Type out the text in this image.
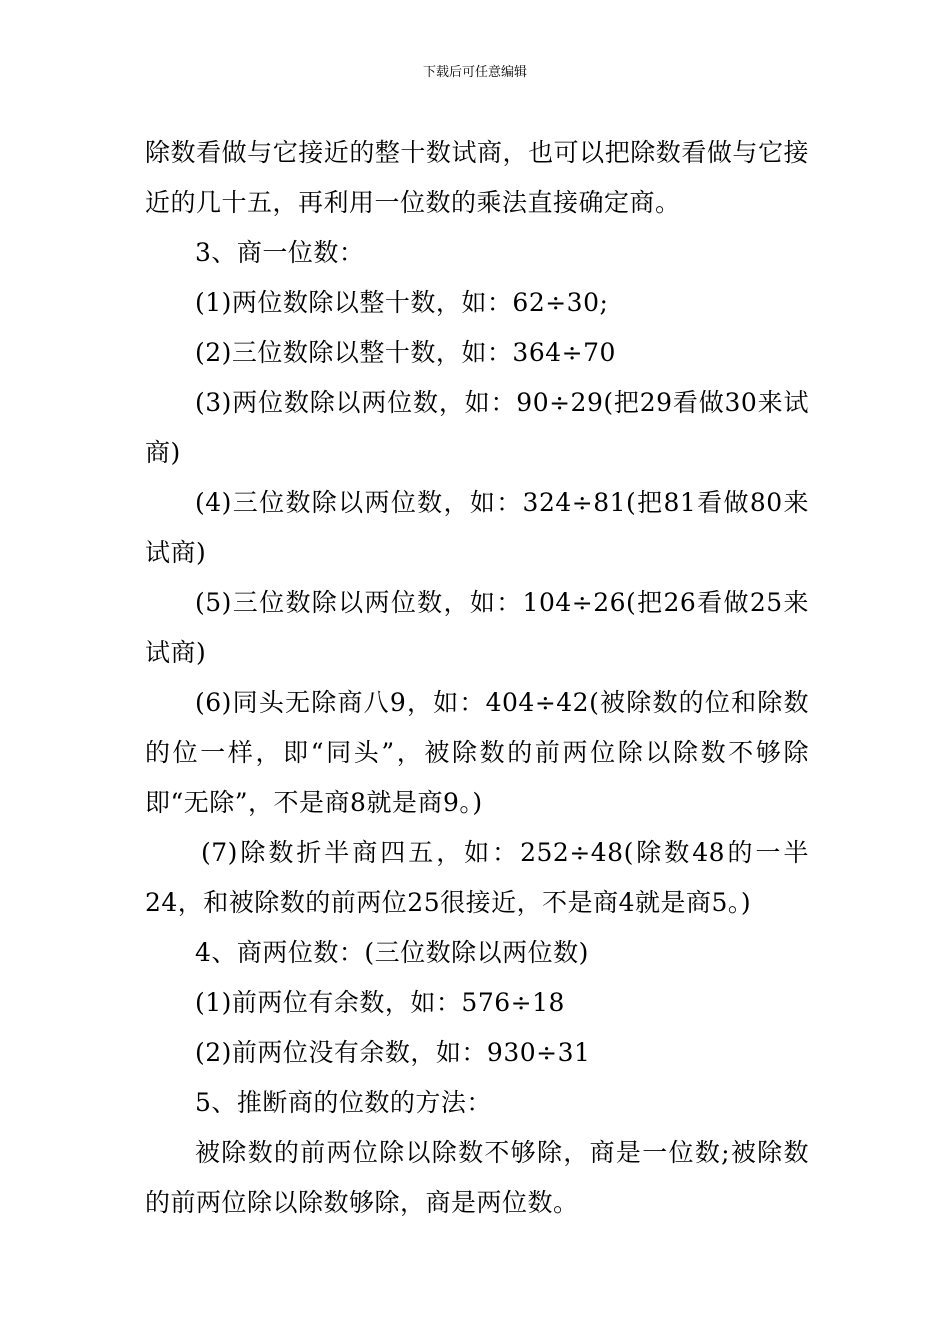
下载后可任意编辑

除数看做与它接近的整十数试商，也可以把除数看做与它接近的几十五，再利用一位数的乘法直接确定商。

3、商一位数：

(1)两位数除以整十数，如：62÷30;

(2)三位数除以整十数，如：364÷70

(3)两位数除以两位数，如：90÷29(把29看做30来试商)

(4)三位数除以两位数，如：324÷81(把81看做80来试商)

(5)三位数除以两位数，如：104÷26(把26看做25来试商)

(6)同头无除商八9，如：404÷42(被除数的位和除数的位一样，即“同头”，被除数的前两位除以除数不够除即“无除”，不是商8就是商9。)

(7)除数折半商四五，如：252÷48(除数48的一半24，和被除数的前两位25很接近，不是商4就是商5。)

4、商两位数：(三位数除以两位数)

(1)前两位有余数，如：576÷18

(2)前两位没有余数，如：930÷31

5、推断商的位数的方法：

被除数的前两位除以除数不够除，商是一位数;被除数的前两位除以除数够除，商是两位数。
